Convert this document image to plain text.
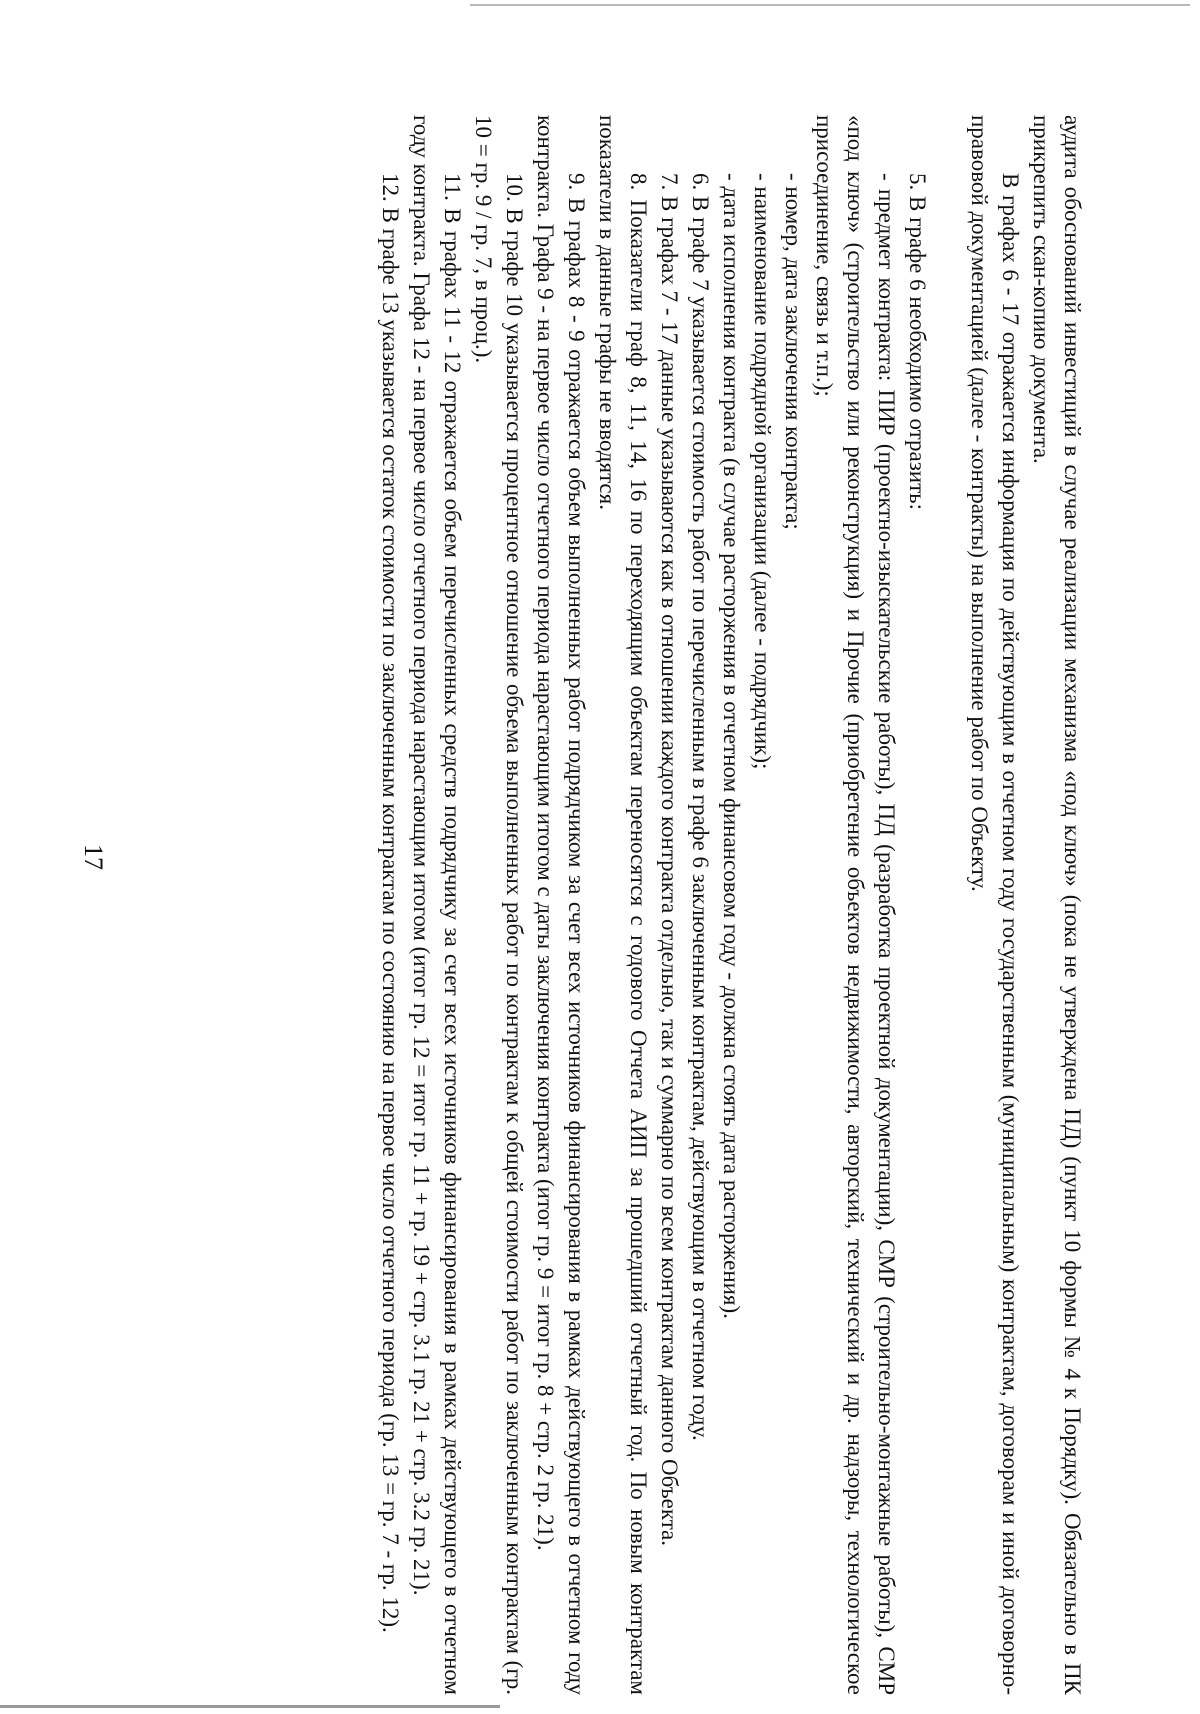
17	аудита обоснований инвестиций в случае реализации механизма «под ключ» (пока не утверждена ПД) (пункт 10 формы № 4 к Порядку). Обязательно в ПК прикрепить скан-копию документа.

В графах 6 - 17 отражается информация по действующим в отчетном году государственным (муниципальным) контрактам, договорам и иной договорно-правовой документацией (далее - контракты) на выполнение работ по Объекту.

5. В графе 6 необходимо отразить:

- предмет контракта: ПИР (проектно-изыскательские работы), ПД (разработка проектной документации), СМР (строительно-монтажные работы), СМР «под ключ» (строительство или реконструкция) и Прочие (приобретение объектов недвижимости, авторский, технический и др. надзоры, технологическое присоединение, связь и т.п.);

- номер, дата заключения контракта;

- наименование подрядной организации (далее - подрядчик);

- дата исполнения контракта (в случае расторжения в отчетном финансовом году - должна стоять дата расторжения).

6. В графе 7 указывается стоимость работ по перечисленным в графе 6 заключенным контрактам, действующим в отчетном году.

7. В графах 7 - 17 данные указываются как в отношении каждого контракта отдельно, так и суммарно по всем контрактам данного Объекта.

8. Показатели граф 8, 11, 14, 16 по переходящим объектам переносятся с годового Отчета АИП за прошедший отчетный год. По новым контрактам показатели в данные графы не вводятся.

9. В графах 8 - 9 отражается объем выполненных работ подрядчиком за счет всех источников финансирования в рамках действующего в отчетном году контракта. Графа 9 - на первое число отчетного периода нарастающим итогом с даты заключения контракта (итог гр. 9 = итог гр. 8 + стр. 2 гр. 21).

10. В графе 10 указывается процентное отношение объема выполненных работ по контрактам к общей стоимости работ по заключенным контрактам (гр. 10 = гр. 9 / гр. 7, в проц.).

11. В графах 11 - 12 отражается объем перечисленных средств подрядчику за счет всех источников финансирования в рамках действующего в отчетном году контракта. Графа 12 - на первое число отчетного периода нарастающим итогом (итог гр. 12 = итог гр. 11 + гр. 19 + стр. 3.1 гр. 21 + стр. 3.2 гр. 21).

12. В графе 13 указывается остаток стоимости по заключенным контрактам по состоянию на первое число отчетного периода (гр. 13 = гр. 7 - гр. 12).
